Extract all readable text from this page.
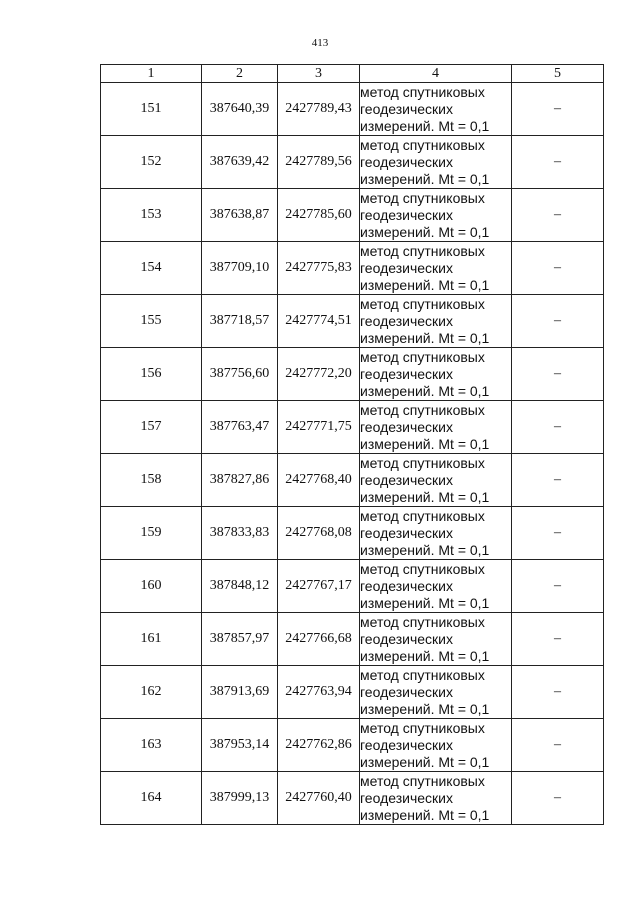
413
1	2	3	4	5
151	387640,39	2427789,43	метод спутниковых
геодезических
измерений. Mt = 0,1	–
152	387639,42	2427789,56	метод спутниковых
геодезических
измерений. Mt = 0,1	–
153	387638,87	2427785,60	метод спутниковых
геодезических
измерений. Mt = 0,1	–
154	387709,10	2427775,83	метод спутниковых
геодезических
измерений. Mt = 0,1	–
155	387718,57	2427774,51	метод спутниковых
геодезических
измерений. Mt = 0,1	–
156	387756,60	2427772,20	метод спутниковых
геодезических
измерений. Mt = 0,1	–
157	387763,47	2427771,75	метод спутниковых
геодезических
измерений. Mt = 0,1	–
158	387827,86	2427768,40	метод спутниковых
геодезических
измерений. Mt = 0,1	–
159	387833,83	2427768,08	метод спутниковых
геодезических
измерений. Mt = 0,1	–
160	387848,12	2427767,17	метод спутниковых
геодезических
измерений. Mt = 0,1	–
161	387857,97	2427766,68	метод спутниковых
геодезических
измерений. Mt = 0,1	–
162	387913,69	2427763,94	метод спутниковых
геодезических
измерений. Mt = 0,1	–
163	387953,14	2427762,86	метод спутниковых
геодезических
измерений. Mt = 0,1	–
164	387999,13	2427760,40	метод спутниковых
геодезических
измерений. Mt = 0,1	–
